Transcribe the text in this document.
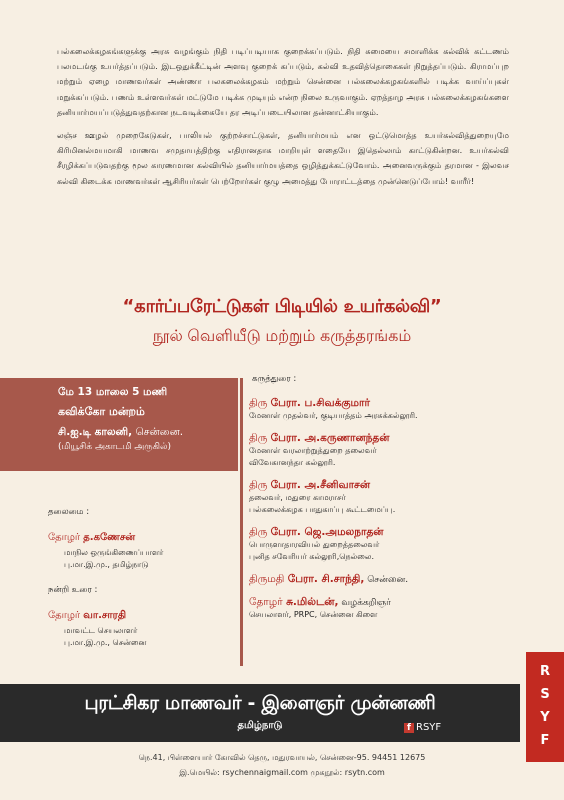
பல்கலைக்கழகங்களுக்கு அரசு வழங்கும் நிதி படிப்படியாக குறைக்கப்படும். நிதி சுமையை சமாளிக்க கல்விக் கட்டணம் பலமடங்கு உயர்த்தப்படும். இடஒதுக்கீட்டின் அளவு குறைக் கப்படும், கல்வி உதவித்தொகைகள் நிறுத்தப்படும். கிராமப்புற மற்றும் ஏழை மாணவர்கள் அண்ணா பலகலைக்கழகம் மற்றும் சென்னை பல்கலைக்கழகங்களில் படிக்க வாய்ப்புகள் மறுக்கப்படும். பணம் உள்ளவர்கள் மட்டுமே படிக்க முடியும் என்ற நிலை உருவாகும். ஏறத்தாழ அரசு பல்கலைக்கழகங்களை தனியார்மயப்படுத்துவதற்கான நடவடிக்கையே தர அடிப்படையிலான தன்னாட்சியாகும்.

லஞ்ச ஊழல் முறைகேடுகள், பாலியல் குற்றச்சாட்டுகள், தனியார்மயம் என ஒட்டுமொத்த உயர்கல்வித்துறையுமே கிரிமினல்மயமாகி மாணவ சமுதாயத்திற்கு எதிரானதாக மாறியுள் ளதையே இதெல்லாம் காட்டுகின்றன. உயர்கல்வி சீரழிக்கப்படுவதற்கு மூல காரணமான கல்வியில் தனியார்மயத்தை ஒழித்துக்கட்டுவோம். அனைவருக்கும் தரமான - இலவச கல்வி கிடைக்க மாணவர்கள் ஆசிரியர்கள் பெற்றோர்கள் குழு அமைத்து போராட்டத்தை முன்னெடுப்போம்! வாரீர்!

“கார்ப்பரேட்டுகள் பிடியில் உயர்கல்வி”
நூல் வெளியீடு மற்றும் கருத்தரங்கம்
மே 13 மாலை 5 மணி
கவிக்கோ மன்றம்
சி.ஐ.டி காலனி, சென்னை.
(மியூசிக் அகாடமி அருகில்)
தலைமை :
தோழர் த.கணேசன்
மாநில ஒருங்கிணைப்பாளர்
பு.மா.இ.மு., தமிழ்நாடு
நன்றி உரை :
தோழர் வா.சாரதி
மாவட்ட செயலாளர்
பு.மா.இ.மு., சென்னை
கருத்துரை :
திரு பேரா. ப.சிவக்குமார்
மேனாள் முதல்வர், குடியாத்தம் அரசுக்கல்லூரி.
திரு பேரா. அ.கருணானந்தன்
மேனாள் வரலாற்றுத்துறை தலைவர்
விவேகானந்தா கல்லூரி.
திரு பேரா. அ.சீனிவாசன்
தலைவர், மதுரை காமராசர்
பல்கலைக்கழக பாதுகாப்பு கூட்டமைப்பு.
திரு பேரா. ஜெ.அமலநாதன்
பொருளாதாரவியல் துறைத்தலைவர்
புனித சவேரியர் கல்லூரி,நெல்லை.
திருமதி பேரா. சி.சாந்தி, சென்னை.
தோழர் சு.மில்டன், வழக்கறிஞர்
செயலாளர், PRPC, சென்னை கிளை
புரட்சிகர மாணவர் - இளைஞர் முன்னணி
தமிழ்நாடு	f RSYF
R
S
Y
F
நெ.41, பிள்ளையார் கோவில் தெரு, மதுரவாயல், சென்னை-95. 94451 12675
இ.மெயில்: rsychennaigmail.com முகநூல்: rsytn.com
